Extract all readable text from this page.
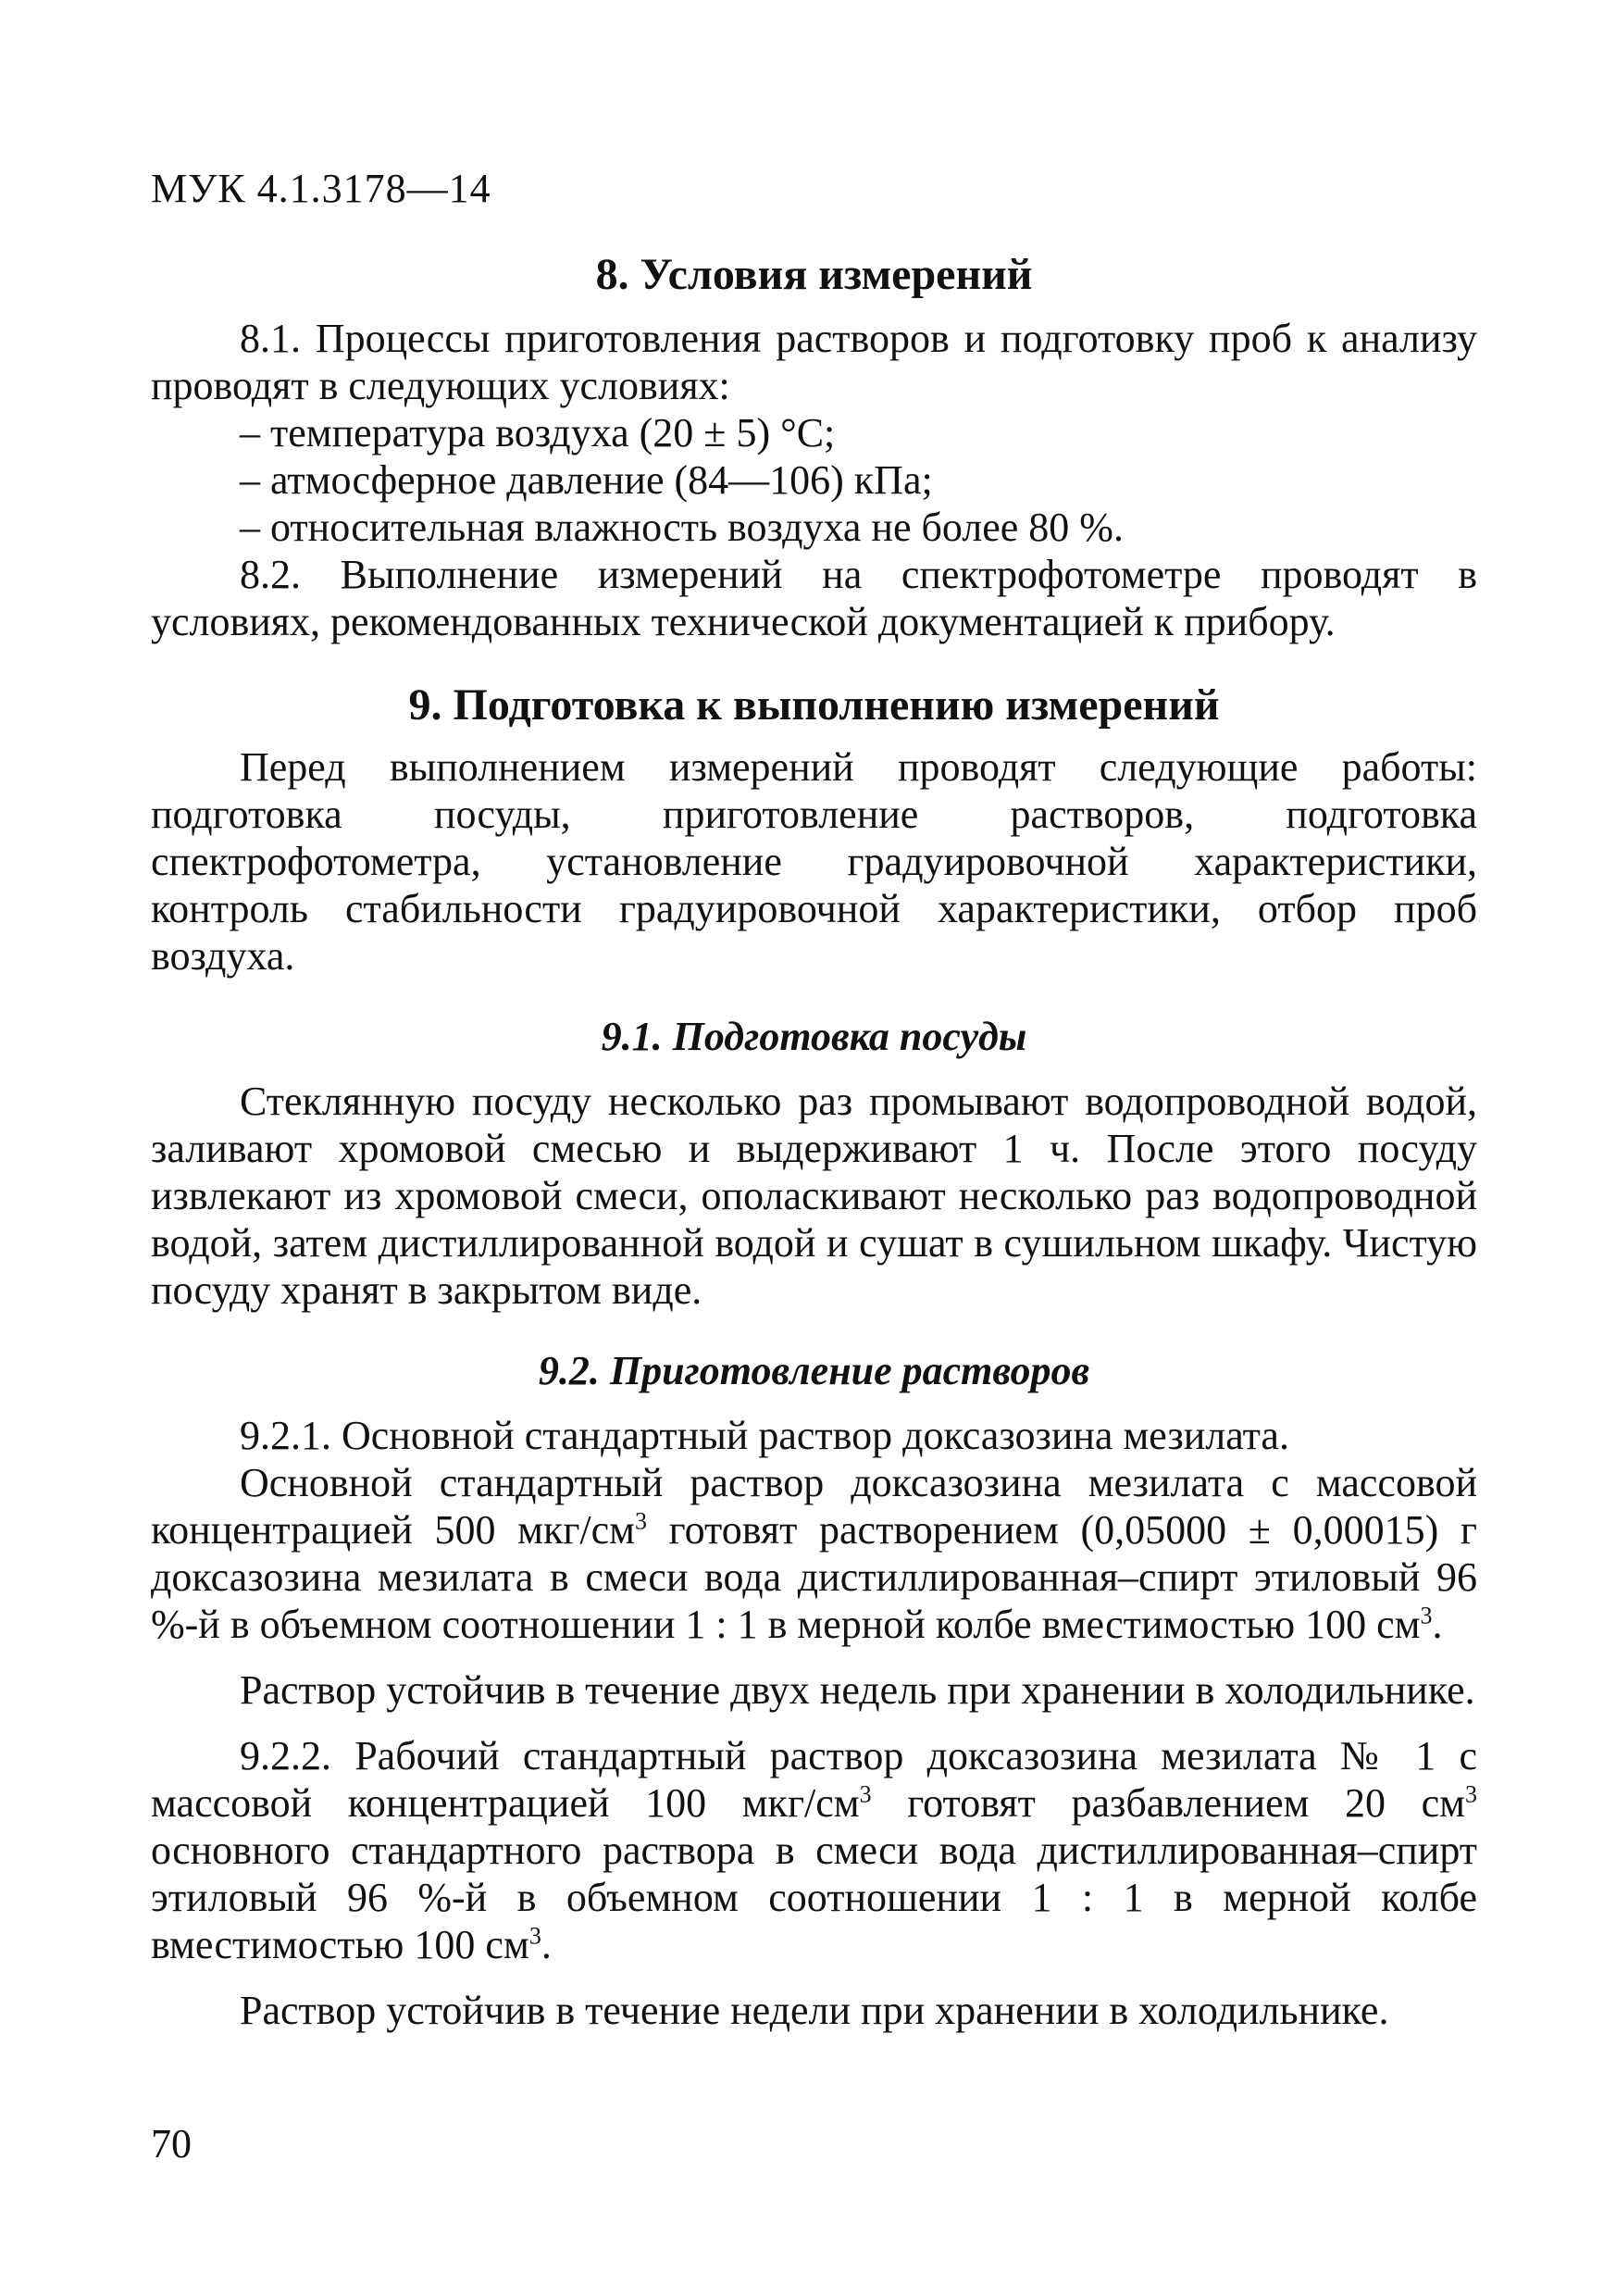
МУК 4.1.3178—14
8. Условия измерений

8.1. Процессы приготовления растворов и подготовку проб к анализу проводят в следующих условиях:

– температура воздуха (20 ± 5) °С;

– атмосферное давление (84—106) кПа;

– относительная влажность воздуха не более 80 %.

8.2. Выполнение измерений на спектрофотометре проводят в условиях, рекомендованных технической документацией к прибору.

9. Подготовка к выполнению измерений

Перед выполнением измерений проводят следующие работы: подготовка посуды, приготовление растворов, подготовка спектрофотометра, установление градуировочной характеристики, контроль стабильности градуировочной характеристики, отбор проб воздуха.

9.1. Подготовка посуды

Стеклянную посуду несколько раз промывают водопроводной водой, заливают хромовой смесью и выдерживают 1 ч. После этого посуду извлекают из хромовой смеси, ополаскивают несколько раз водопроводной водой, затем дистиллированной водой и сушат в сушильном шкафу. Чистую посуду хранят в закрытом виде.

9.2. Приготовление растворов

9.2.1. Основной стандартный раствор доксазозина мезилата.

Основной стандартный раствор доксазозина мезилата с массовой концентрацией 500 мкг/$см^3$ готовят растворением (0,05000 ± 0,00015) г доксазозина мезилата в смеси вода дистиллированная–спирт этиловый 96 %-й в объемном соотношении 1 : 1 в мерной колбе вместимостью 100 $см^3$.

Раствор устойчив в течение двух недель при хранении в холодильнике.

9.2.2. Рабочий стандартный раствор доксазозина мезилата № 1 с массовой концентрацией 100 мкг/$см^3$ готовят разбавлением 20 $см^3$ основного стандартного раствора в смеси вода дистиллированная–спирт этиловый 96 %-й в объемном соотношении 1 : 1 в мерной колбе вместимостью 100 $см^3$.

Раствор устойчив в течение недели при хранении в холодильнике.

70
